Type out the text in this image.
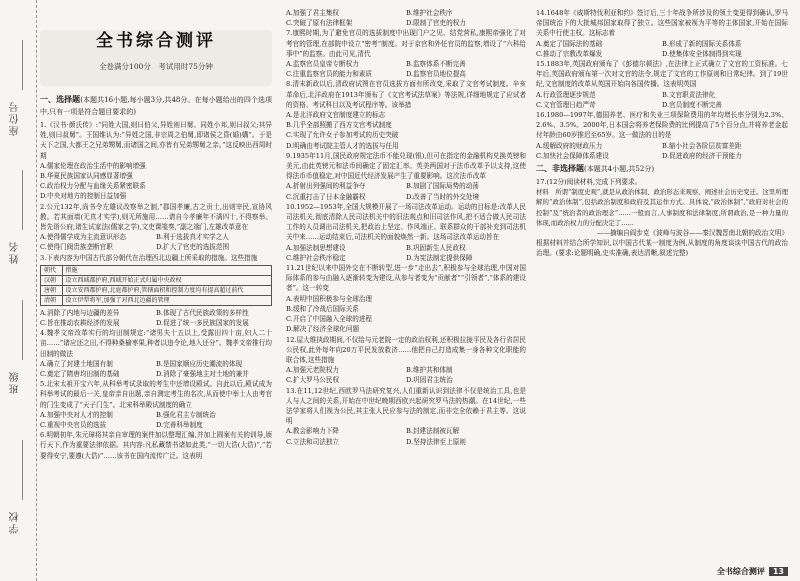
座位号
姓名
班级
学校
全书综合测评
全卷满分100分　考试用时75分钟
一、选择题(本题共16小题,每小题3分,共48分。在每小题给出的四个选项中,只有一项是符合题目要求的)

1.《汉书·颜氏传》:“同姓大国,则曰伯父,异姓则曰舅。同姓小邦,则曰叔父;其异姓,则曰叔舅”。王国维认为:“异姓之国,非宗周之伯舅,即诸侯之昏(婚)媾”。于是天下之国,大都王之兄弟甥舅,而诸国之间,亦皆有兄弟甥舅之亲。”这反映出西周时期

A.儒家伦理在政治生活中的影响增强

B.华夏民族国家认同感显著增强

C.政治权力分配与血缘关系紧密联系

D.中央对地方的控制日益加强

2.公元132年,尚书令左雄议改察举之制,”郡国孝廉,古之贡士,出则宰民,宣协风教。若其面墙(无真才实学),则无所施用……请自今孝廉年不满四十,不得察举。皆先诣公府,诸生试家法(儒家之学),文吏课笺奏,”副之端门,左雄改革意在

A.使得儒学成为主流意识形态	B.利于选拔真才实学之人
C.使得门阀贵族垄断官职	D.扩大了官吏的选拔范围

3.下表内容为中国古代部分朝代在治理西北边疆上所采取的措施。这些措施

朝代	措施
汉朝	设立西域都护府,西域开始正式归属中央政权
唐朝	设立安西都护府,北庭都护府,管辖面积和控制力度均有提高超过前代
清朝	设立伊犁将军,加强了对西北边疆的管理
A.消除了内地与边疆的差异	B.体现了古代民族政策的多样性
C.旨在推动农耕经济的发展	D.促进了统一多民族国家的发展

4.魏孝文帝改革实行的均田制规定:“诸男夫十五以上,受露田四十亩,妇人二十亩……”诸应还之田,不得种桑榆枣果,种者以违令论,地入还分”。魏孝文帝推行均田制的做法

A.确立了封建土地国有制	B.是国家顺应历史潮流的体现
C.奠定了隋唐均田制的基础	D.消除了豪强地主对土地的兼并

5.北宋太祖开宝六年,从科举考试录取的考生中还增设殿试。自此以后,殿试成为科举考试的最后一关,皇帝亲自出题,亲自测定考生的名次,从而使中举士人由考官的门生变成了“天子门生”。北宋科举殿试制度的确立

A.加强中央对人才的控制	B.强化君主专制统治
C.重视中央官员的选拔	D.完善科举制度

6.明朝初年,朱元璋将其亲自审理的案件加以整理汇编,并加上圆案有关的训导,颁行天下,作为重要法律依据。其内容:凡私藏禁书诸如此类,“一切大诰(大诰)”,“若要得安宁,要遵(大诰)”……该书在国内流传广泛。这表明

A.加强了君主集权	B.维护社会秩序
C.突破了原有法律框架	D.限制了官吏的权力

7.康熙时期,为了避免官员的选拔制度中出现门户之见、结党营私,康熙帝强化了对考官的管理,在部院中设立“密考”制度。对于京官和外任官员的监察,增设了“六科给事中”的监察。由此可见,清代

A.监察官员皇帝专断权力	B.监察体系不断完善
C.注重监察官员的能力和素质	D.监察官员地位提高

8.清末新政以后,清政府试图在官员选拔方面有所改变,采取了文官考试制度。辛亥革命后,北洋政府在1913年颁布了《文官考试法草案》等法规,详细地规定了应试者的资格、考试科目以及考试程序等。该举措

A.是北洋政府文官制度建立的标志

B.几乎全部照搬了西方文官考试制度

C.实现了允许女子参加考试的历史突破

D.明确由考试院主管人才的选拔与任用

9.1935年11月,国民政府规定法币不能兑现(银),但可在指定的金融机构兑换英镑和美元,由此英镑元和法币间确定了固定汇率。英美两国对于法币改革予以支持,这使得法币币值稳定,对中国近代经济发展产生了重要影响。这次法币改革

A.折射出列强间的利益争夺	B.加剧了国际局势的动荡
C.沉重打击了日本金融霸权	D.改善了当时的外交处境

10.1952—1953年,全国大规模开展了一场司法改革运动。运动的目标是:改革人民司法机关,彻底清除人民司法机关中的旧法观点和旧司法作风,把不适合做人民司法工作的人员调出司法机关,把政治上坚定、作风端正、联系群众的干部补充到司法机关中来……运动结束后,司法机关的面貌焕然一新。这场司法改革运动旨在

A.加强法制思想建设	B.巩固新生人民政权
C.维护社会秩序稳定	D.为宪法制定提供保障

11.21世纪以来中国外交在不断转型,进一步“走出去”,积极参与全球治理,中国对国际体系的参与由融入逐渐转变为建设,从参与者变为“贡献者”“引领者”,“体系的建设者”。这一转变

A.表明中国积极参与全球治理

B.缓和了冷战后国际关系

C.开启了中国融入全球的进程

D.解决了经济全球化问题

12.屋大维执政期间,不仅给与元老院一定的政治权利,还积极拉拢平民及各行省居民公民权,此外每年向20万平民发放救济……他把自己打造成集一身各种文化职能的联合体,这些措施

A.加强元老院权力	B.维护共和体制
C.扩大罗马公民权	D.巩固君主统治

13.在11,12世纪,西欧罗马法研究复兴,人们重新认识到法律不仅是统治工具,也是人与人之间的关系,开始在中世纪晚期西欧兴起研究罗马法的热潮。在14世纪,一些法学家将人们视为公民,其主张人民应参与法的制定,而非完全依赖于君主等。这说明

A.教会影响力下降	B.封建法制被瓦解
C.立法和司法独立	D.坚持法律至上原则

14.1648年《威斯特伐利亚和约》签订后,三十年战争所涉及的领土变更得到确认,罗马帝国统治下的大批城邦国家取得了独立。这些国家被视为平等的主体国家,开始在国际关系中行使主权。这标志着

A.奠定了国际法的基础	B.形成了新的国际关系体系
C.推动了宗教改革爆发	D.使集体安全体制得到实现

15.1883年,英国政府颁布了《彭德尔顿法》,在法律上正式确立了文官的工资标准。七年后,英国政府颁布第一次对文官的法令,规定了文官的工作原则和日常纪律。到了19世纪,文官制度的改革从英国开始向各国传播。这表明英国

A.行政管理逐步规范	B.文官职责法律化
C.文官管理日趋严苛	D.官员制度不断完善

16.1980—1997年,德国养老、医疗和失业三项保险费用的年均增长率分别为2.3%、2.6%、3.5%。2000年,日本国会将养老保险费的比例提高了5个百分点,并将养老金起付年龄由60岁推迟至65岁。这一做法的目的是

A.缓解政府的财政压力	B.缩小社会各阶层贫富差距
C.加快社会保障体系建设	D.促进政府的经济干预能力
二、非选择题(本题共4小题,共52分)

17.(12分)阅读材料,完成下列要求。

材料　所谓“制度史观”,就是从政治体制、政治形态来观察、阐述社会历史变迁。这里所理解的“政治体制”,包括政治制度和政府及其运作方式。具体说,“政治体制”,“政府对社会的控制”及“统治者的政治理念”……一般而言,人事制度和法律制度,所谓政治,是一种力量的体现,而政治权力的分配决定了……

——摘编自阎步克《波峰与波谷——秦汉魏晋南北朝的政治文明》

根据材料并结合所学知识,以中国古代某一制度为例,从制度的角度谈谈中国古代的政治治理。(要求:论题明确,史实准确,表达清晰,叙述完整)

全书综合测评 13
